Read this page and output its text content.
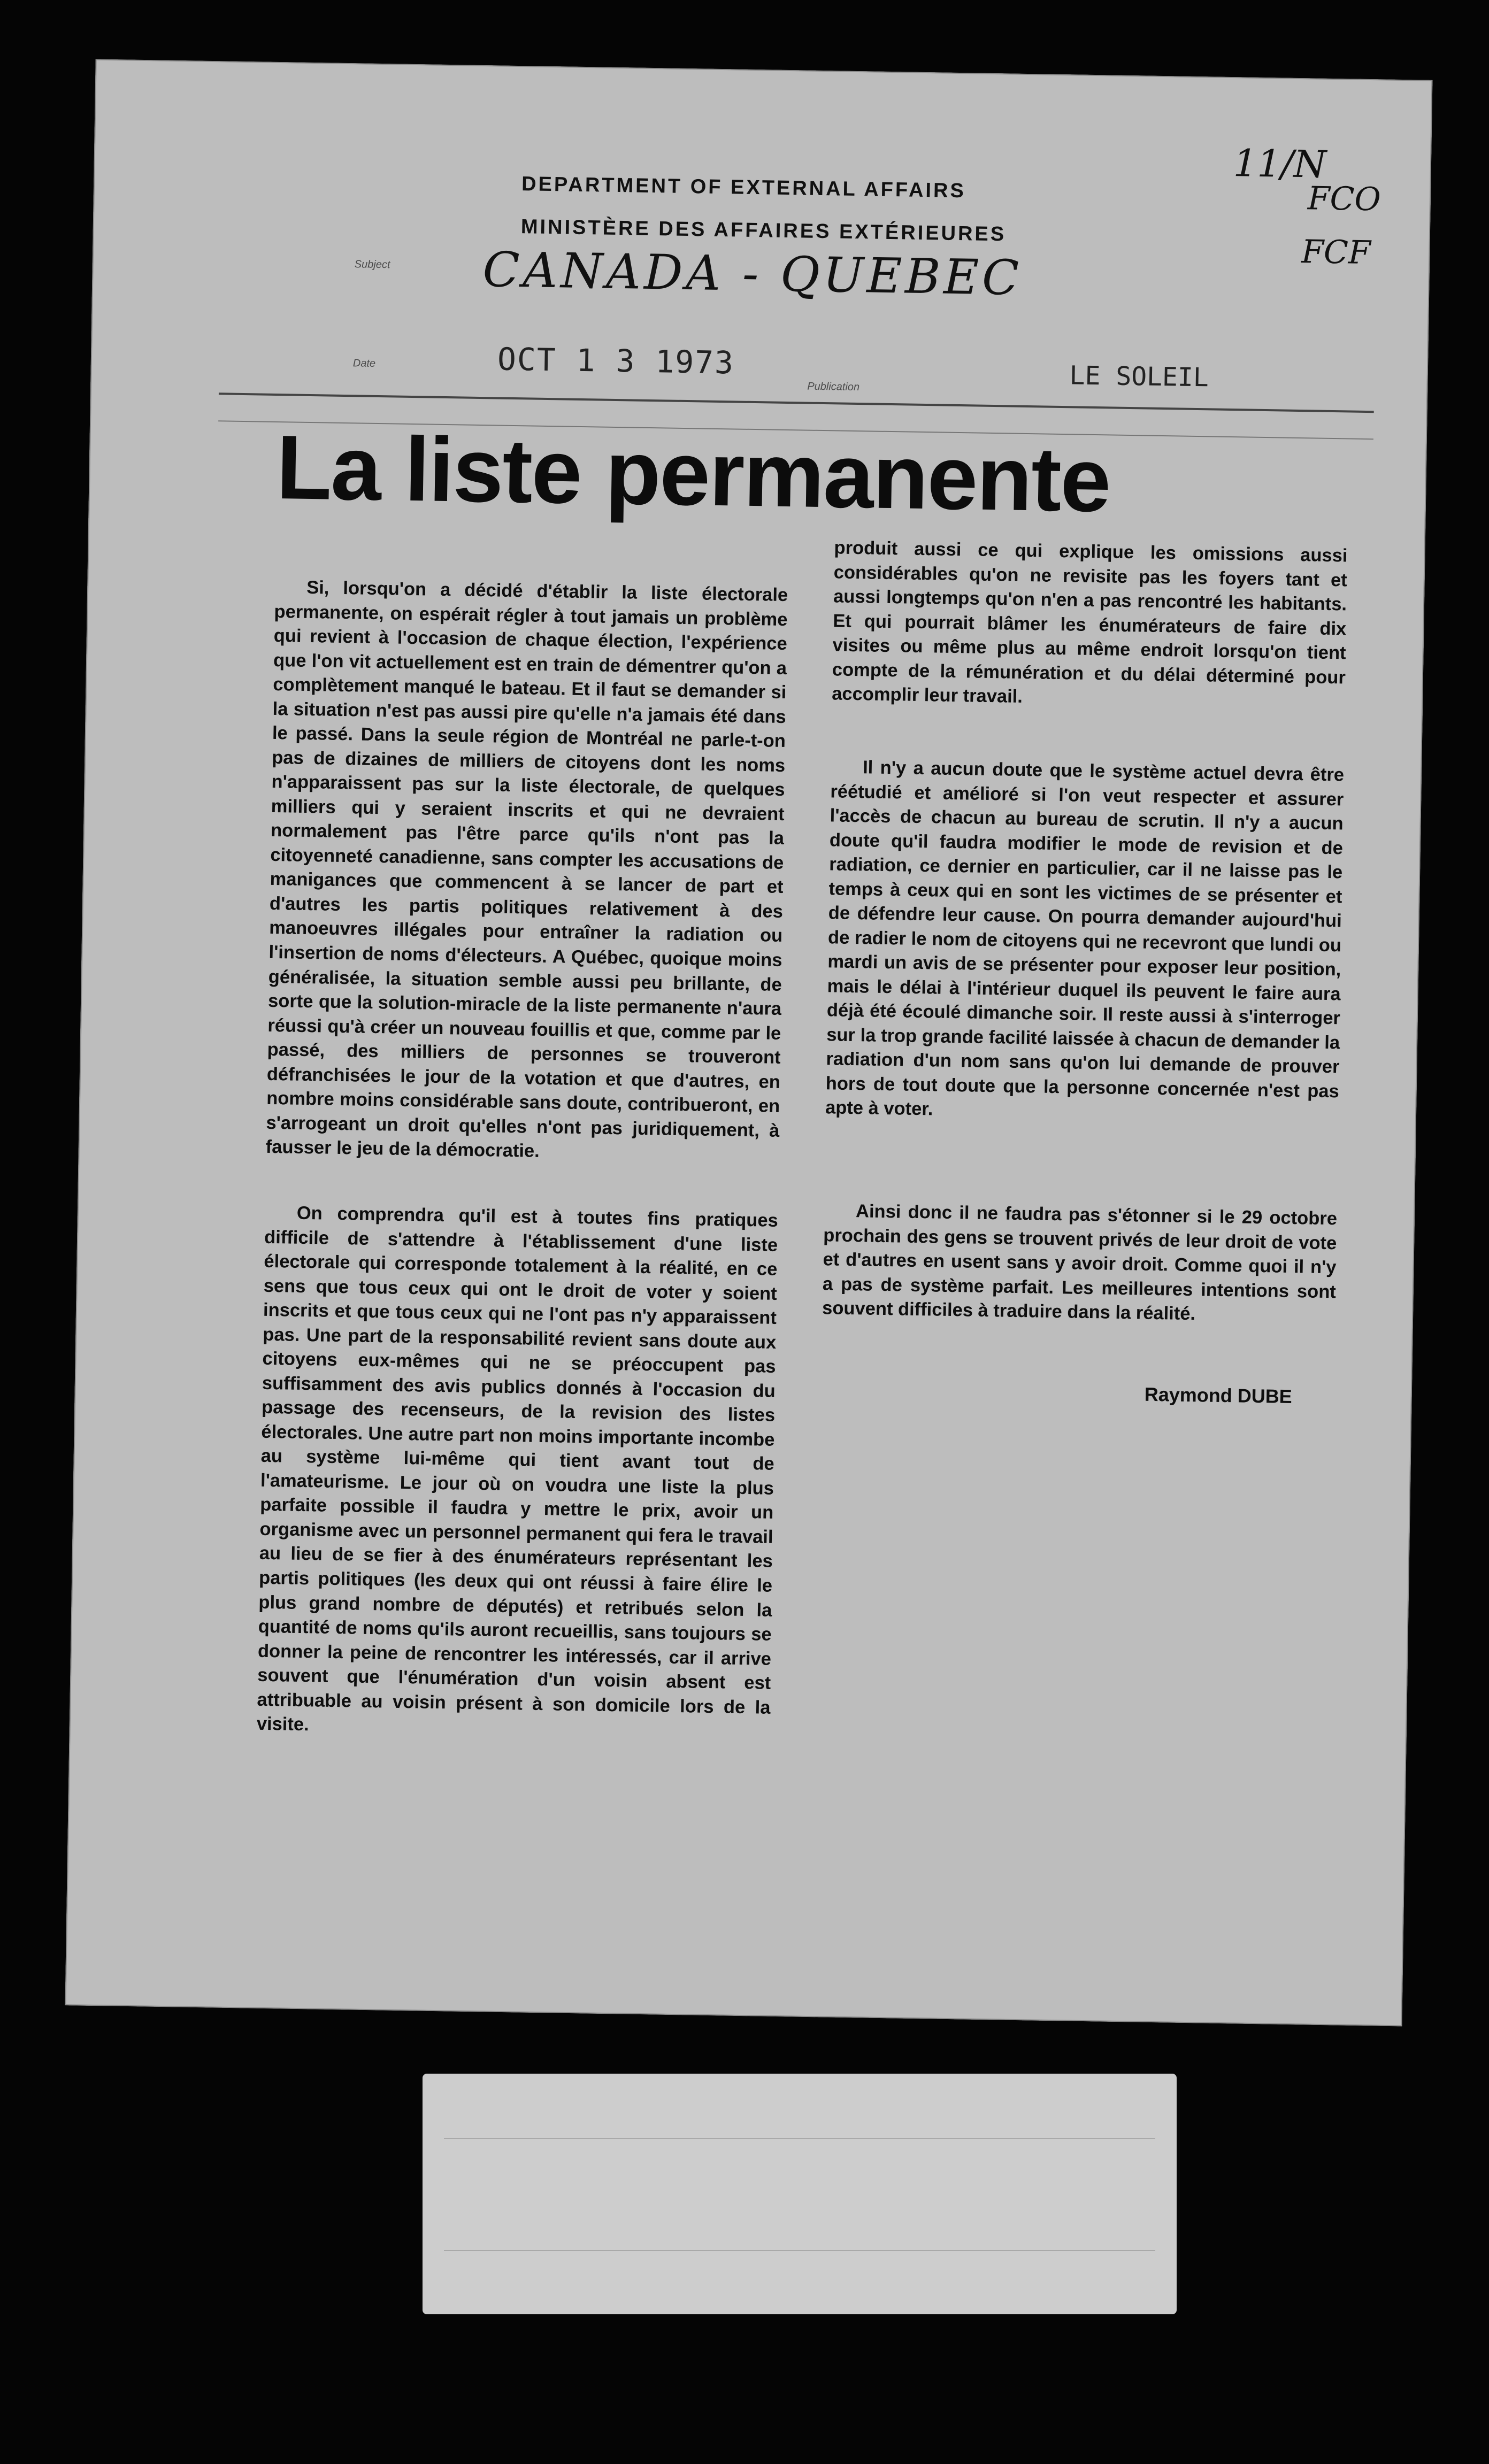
DEPARTMENT OF EXTERNAL AFFAIRS
MINISTÈRE DES AFFAIRES EXTÉRIEURES
11/N
FCO
FCF
Subject CANADA - QUEBEC
Date	OCT 1 3 1973
Publication	LE SOLEIL
La liste permanente

Si, lorsqu'on a décidé d'établir la liste électorale permanente, on espérait régler à tout jamais un problème qui revient à l'occasion de chaque élection, l'expérience que l'on vit actuellement est en train de démentrer qu'on a complètement manqué le bateau. Et il faut se demander si la situation n'est pas aussi pire qu'elle n'a jamais été dans le passé. Dans la seule région de Montréal ne parle-t-on pas de dizaines de milliers de citoyens dont les noms n'apparaissent pas sur la liste électorale, de quelques milliers qui y seraient inscrits et qui ne devraient normalement pas l'être parce qu'ils n'ont pas la citoyenneté canadienne, sans compter les accusations de manigances que commencent à se lancer de part et d'autres les partis politiques relativement à des manoeuvres illégales pour entraîner la radiation ou l'insertion de noms d'électeurs. A Québec, quoique moins généralisée, la situation semble aussi peu brillante, de sorte que la solution-miracle de la liste permanente n'aura réussi qu'à créer un nouveau fouillis et que, comme par le passé, des milliers de personnes se trouveront défranchisées le jour de la votation et que d'autres, en nombre moins considérable sans doute, contribueront, en s'arrogeant un droit qu'elles n'ont pas juridiquement, à fausser le jeu de la démocratie.

On comprendra qu'il est à toutes fins pratiques difficile de s'attendre à l'établissement d'une liste électorale qui corresponde totalement à la réalité, en ce sens que tous ceux qui ont le droit de voter y soient inscrits et que tous ceux qui ne l'ont pas n'y apparaissent pas. Une part de la responsabilité revient sans doute aux citoyens eux-mêmes qui ne se préoccupent pas suffisamment des avis publics donnés à l'occasion du passage des recenseurs, de la revision des listes électorales. Une autre part non moins importante incombe au système lui-même qui tient avant tout de l'amateurisme. Le jour où on voudra une liste la plus parfaite possible il faudra y mettre le prix, avoir un organisme avec un personnel permanent qui fera le travail au lieu de se fier à des énumérateurs représentant les partis politiques (les deux qui ont réussi à faire élire le plus grand nombre de députés) et retribués selon la quantité de noms qu'ils auront recueillis, sans toujours se donner la peine de rencontrer les intéressés, car il arrive souvent que l'énumération d'un voisin absent est attribuable au voisin présent à son domicile lors de la visite.

produit aussi ce qui explique les omissions aussi considérables qu'on ne revisite pas les foyers tant et aussi longtemps qu'on n'en a pas rencontré les habitants. Et qui pourrait blâmer les énumérateurs de faire dix visites ou même plus au même endroit lorsqu'on tient compte de la rémunération et du délai déterminé pour accomplir leur travail.

Il n'y a aucun doute que le système actuel devra être réétudié et amélioré si l'on veut respecter et assurer l'accès de chacun au bureau de scrutin. Il n'y a aucun doute qu'il faudra modifier le mode de revision et de radiation, ce dernier en particulier, car il ne laisse pas le temps à ceux qui en sont les victimes de se présenter et de défendre leur cause. On pourra demander aujourd'hui de radier le nom de citoyens qui ne recevront que lundi ou mardi un avis de se présenter pour exposer leur position, mais le délai à l'intérieur duquel ils peuvent le faire aura déjà été écoulé dimanche soir. Il reste aussi à s'interroger sur la trop grande facilité laissée à chacun de demander la radiation d'un nom sans qu'on lui demande de prouver hors de tout doute que la personne concernée n'est pas apte à voter.

Ainsi donc il ne faudra pas s'étonner si le 29 octobre prochain des gens se trouvent privés de leur droit de vote et d'autres en usent sans y avoir droit. Comme quoi il n'y a pas de système parfait. Les meilleures intentions sont souvent difficiles à traduire dans la réalité.

Raymond DUBE
